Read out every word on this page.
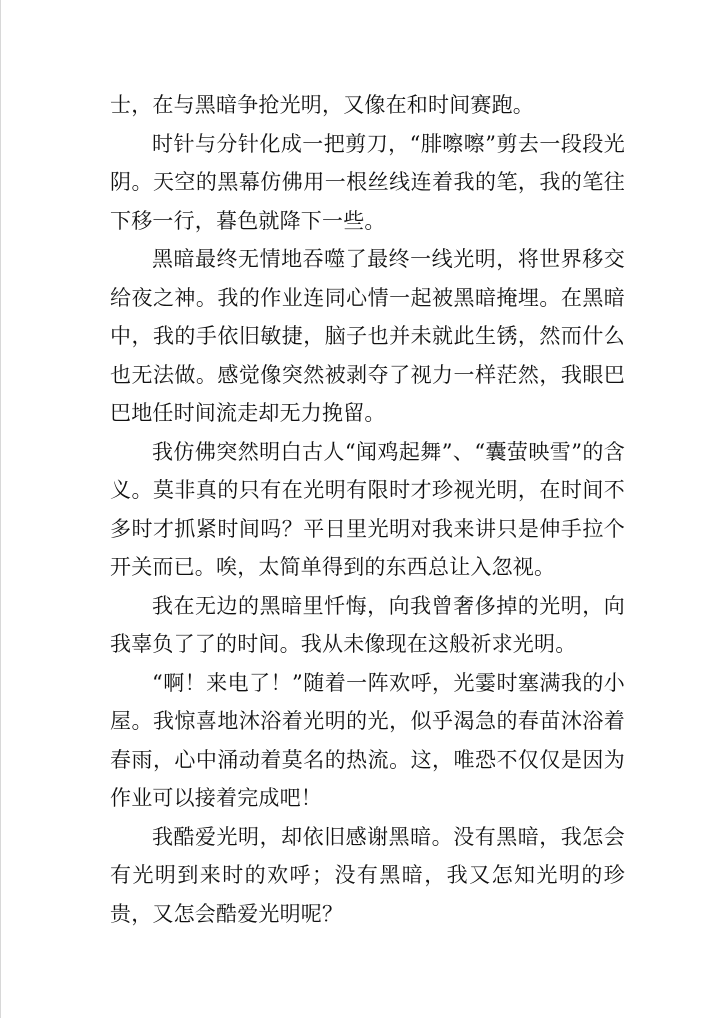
士，在与黑暗争抢光明，又像在和时间赛跑。

时针与分针化成一把剪刀，“腓嚓嚓”剪去一段段光阴。天空的黑幕仿佛用一根丝线连着我的笔，我的笔往下移一行，暮色就降下一些。

黑暗最终无情地吞噬了最终一线光明，将世界移交给夜之神。我的作业连同心情一起被黑暗掩埋。在黑暗中，我的手依旧敏捷，脑子也并未就此生锈，然而什么也无法做。感觉像突然被剥夺了视力一样茫然，我眼巴巴地任时间流走却无力挽留。

我仿佛突然明白古人“闻鸡起舞”、“囊萤映雪”的含义。莫非真的只有在光明有限时才珍视光明，在时间不多时才抓紧时间吗？平日里光明对我来讲只是伸手拉个开关而已。唉，太简单得到的东西总让入忽视。

我在无边的黑暗里忏悔，向我曾奢侈掉的光明，向我辜负了了的时间。我从未像现在这般祈求光明。

“啊！来电了！”随着一阵欢呼，光霎时塞满我的小屋。我惊喜地沐浴着光明的光，似乎渴急的春苗沐浴着春雨，心中涌动着莫名的热流。这，唯恐不仅仅是因为作业可以接着完成吧！

我酷爱光明，却依旧感谢黑暗。没有黑暗，我怎会有光明到来时的欢呼；没有黑暗，我又怎知光明的珍贵，又怎会酷爱光明呢？
